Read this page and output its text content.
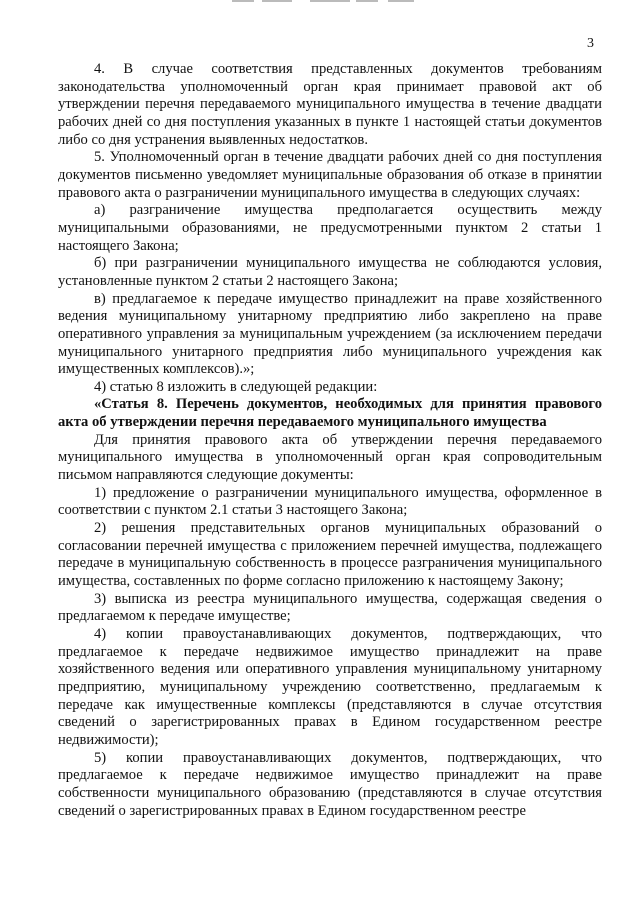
3

4. В случае соответствия представленных документов требованиям законодательства уполномоченный орган края принимает правовой акт об утверждении перечня передаваемого муниципального имущества в течение двадцати рабочих дней со дня поступления указанных в пункте 1 настоящей статьи документов либо со дня устранения выявленных недостатков.

5. Уполномоченный орган в течение двадцати рабочих дней со дня поступления документов письменно уведомляет муниципальные образования об отказе в принятии правового акта о разграничении муниципального имущества в следующих случаях:

а) разграничение имущества предполагается осуществить между муниципальными образованиями, не предусмотренными пунктом 2 статьи 1 настоящего Закона;

б) при разграничении муниципального имущества не соблюдаются условия, установленные пунктом 2 статьи 2 настоящего Закона;

в) предлагаемое к передаче имущество принадлежит на праве хозяйственного ведения муниципальному унитарному предприятию либо закреплено на праве оперативного управления за муниципальным учреждением (за исключением передачи муниципального унитарного предприятия либо муниципального учреждения как имущественных комплексов).»;

4) статью 8 изложить в следующей редакции:

«Статья 8. Перечень документов, необходимых для принятия правового акта об утверждении перечня передаваемого муниципального имущества

Для принятия правового акта об утверждении перечня передаваемого муниципального имущества в уполномоченный орган края сопроводительным письмом направляются следующие документы:

1) предложение о разграничении муниципального имущества, оформленное в соответствии с пунктом 2.1 статьи 3 настоящего Закона;

2) решения представительных органов муниципальных образований о согласовании перечней имущества с приложением перечней имущества, подлежащего передаче в муниципальную собственность в процессе разграничения муниципального имущества, составленных по форме согласно приложению к настоящему Закону;

3) выписка из реестра муниципального имущества, содержащая сведения о предлагаемом к передаче имуществе;

4) копии правоустанавливающих документов, подтверждающих, что предлагаемое к передаче недвижимое имущество принадлежит на праве хозяйственного ведения или оперативного управления муниципальному унитарному предприятию, муниципальному учреждению соответственно, предлагаемым к передаче как имущественные комплексы (представляются в случае отсутствия сведений о зарегистрированных правах в Едином государственном реестре недвижимости);

5) копии правоустанавливающих документов, подтверждающих, что предлагаемое к передаче недвижимое имущество принадлежит на праве собственности муниципального образованию (представляются в случае отсутствия сведений о зарегистрированных правах в Едином государственном реестре
